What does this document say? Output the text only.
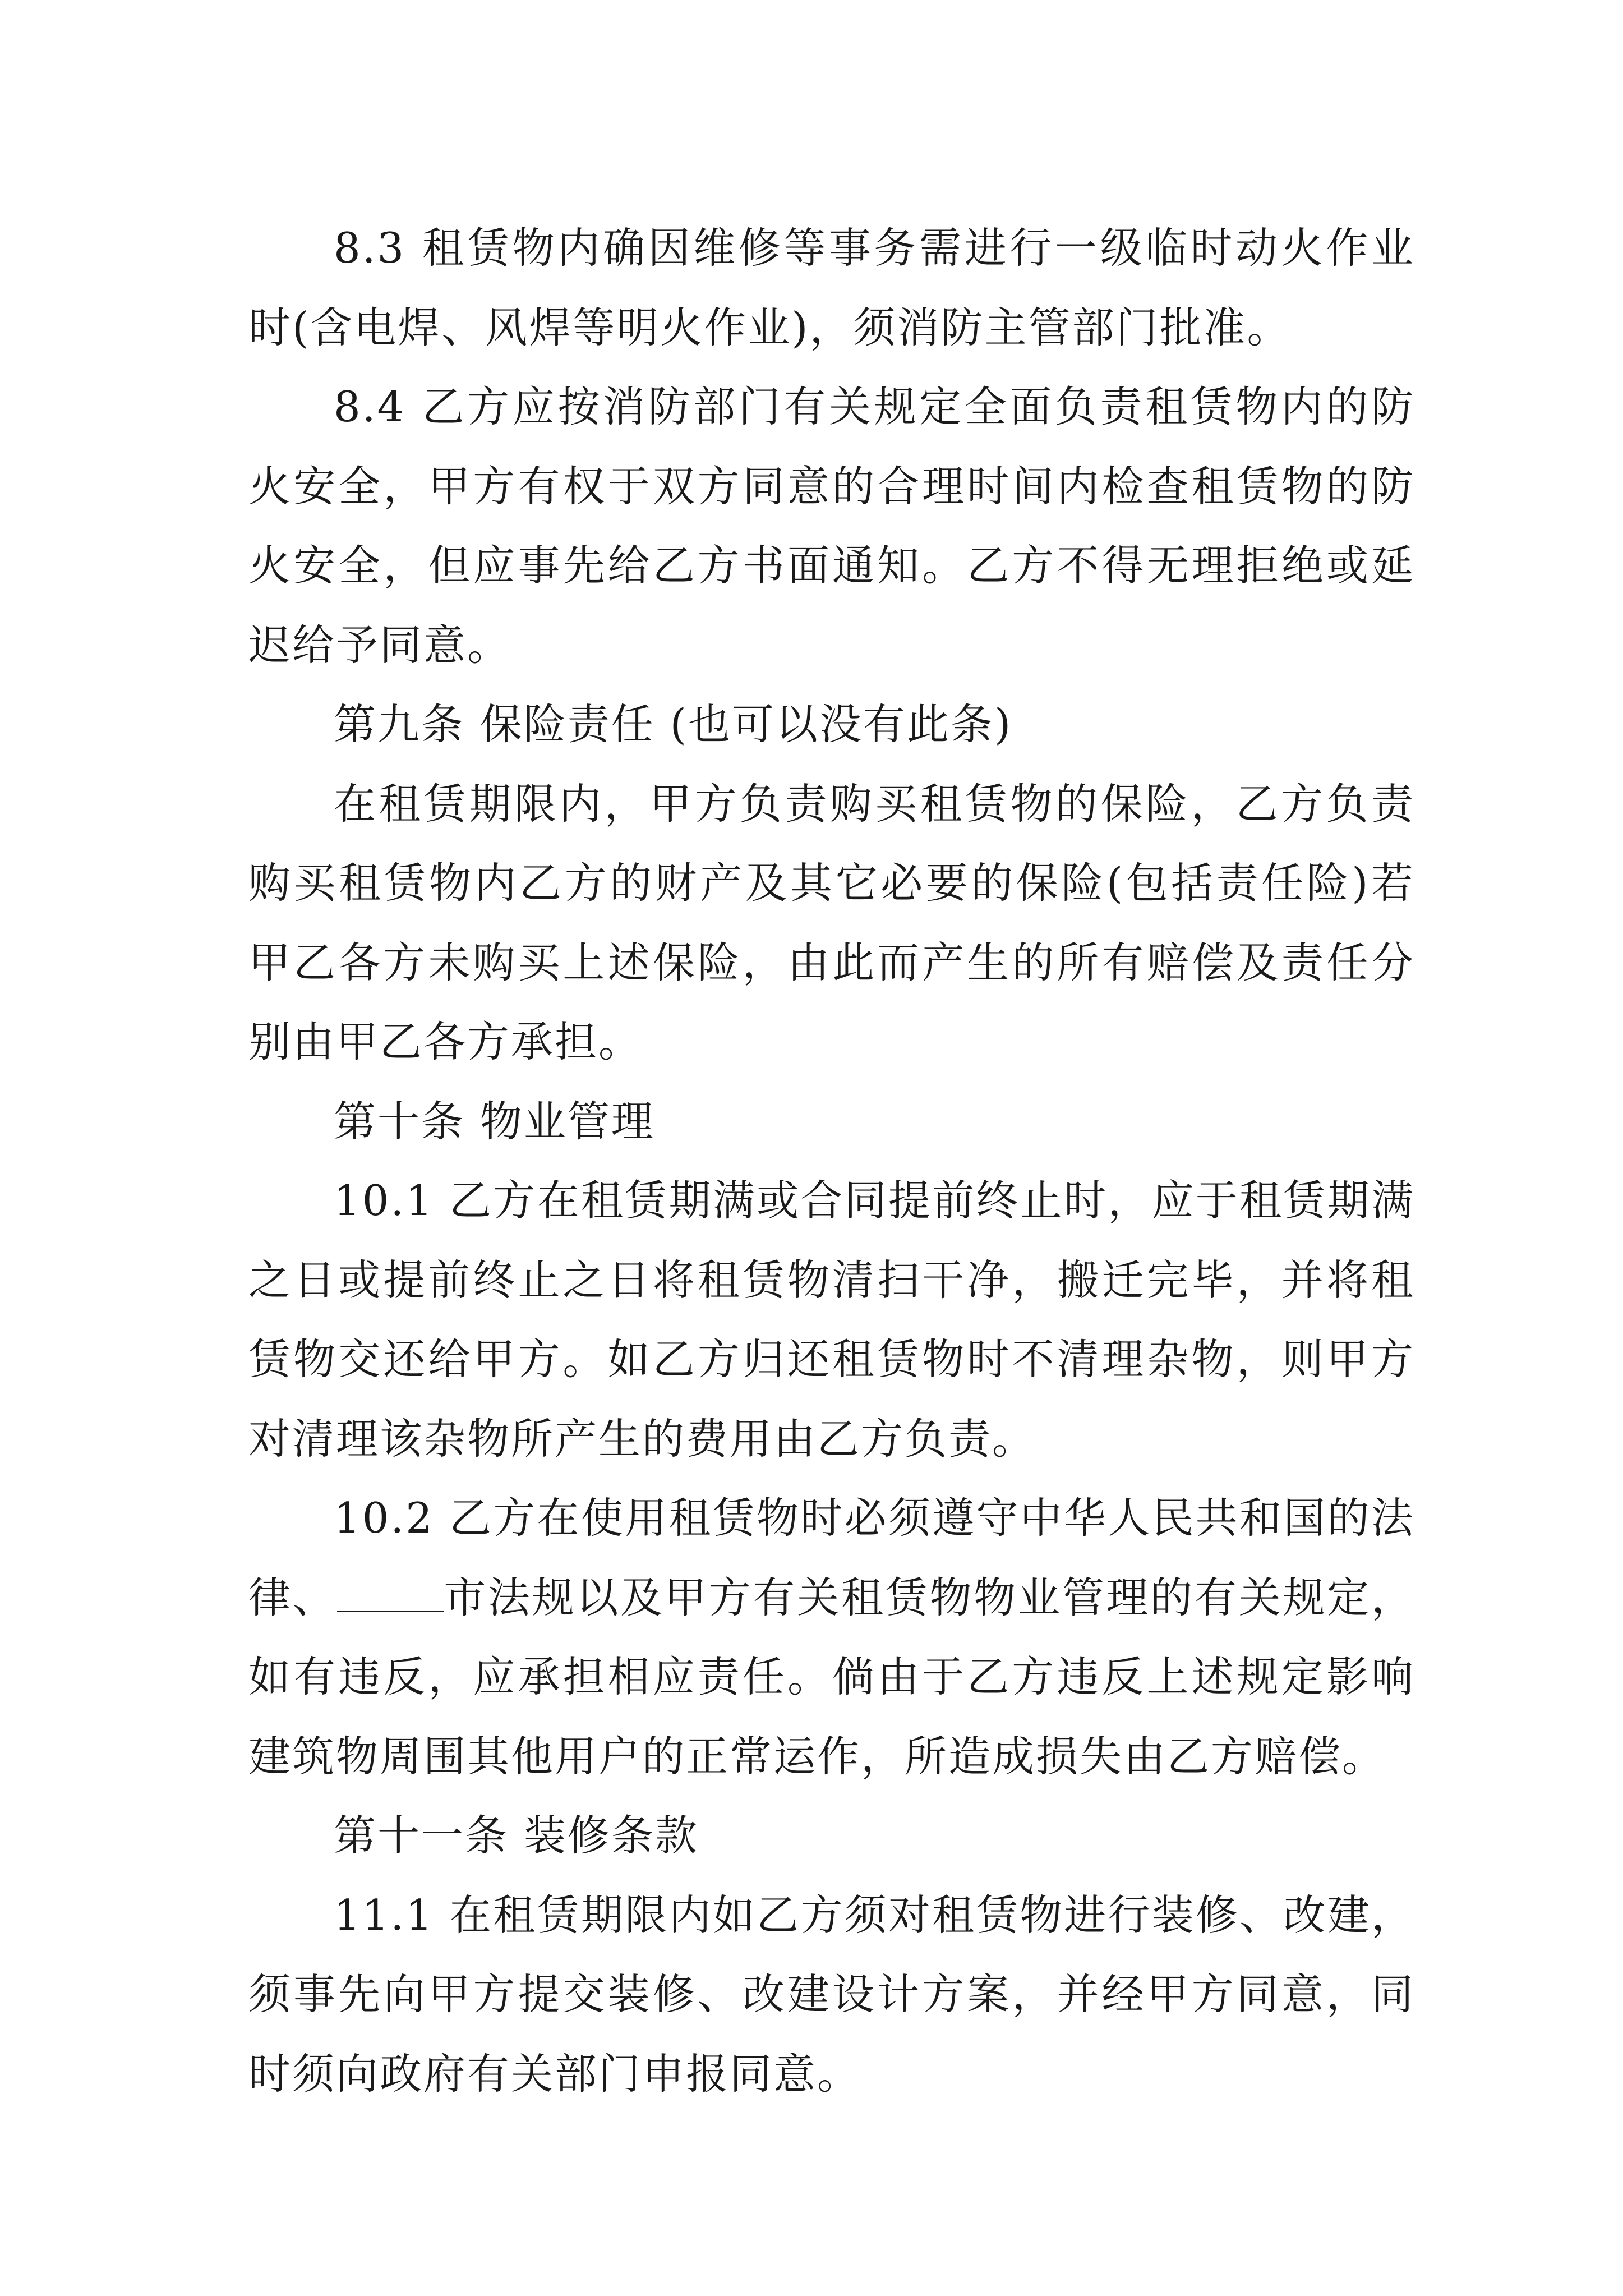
8.3 租赁物内确因维修等事务需进行一级临时动火作业时(含电焊、风焊等明火作业)，须消防主管部门批准。

8.4 乙方应按消防部门有关规定全面负责租赁物内的防火安全，甲方有权于双方同意的合理时间内检查租赁物的防火安全，但应事先给乙方书面通知。乙方不得无理拒绝或延迟给予同意。

第九条 保险责任 (也可以没有此条)

在租赁期限内，甲方负责购买租赁物的保险，乙方负责购买租赁物内乙方的财产及其它必要的保险(包括责任险)若甲乙各方未购买上述保险，由此而产生的所有赔偿及责任分别由甲乙各方承担。

第十条 物业管理

10.1 乙方在租赁期满或合同提前终止时，应于租赁期满之日或提前终止之日将租赁物清扫干净，搬迁完毕，并将租赁物交还给甲方。如乙方归还租赁物时不清理杂物，则甲方对清理该杂物所产生的费用由乙方负责。

10.2 乙方在使用租赁物时必须遵守中华人民共和国的法律、	市法规以及甲方有关租赁物物业管理的有关规定，如有违反，应承担相应责任。倘由于乙方违反上述规定影响建筑物周围其他用户的正常运作，所造成损失由乙方赔偿。

第十一条 装修条款

11.1 在租赁期限内如乙方须对租赁物进行装修、改建，须事先向甲方提交装修、改建设计方案，并经甲方同意，同时须向政府有关部门申报同意。
